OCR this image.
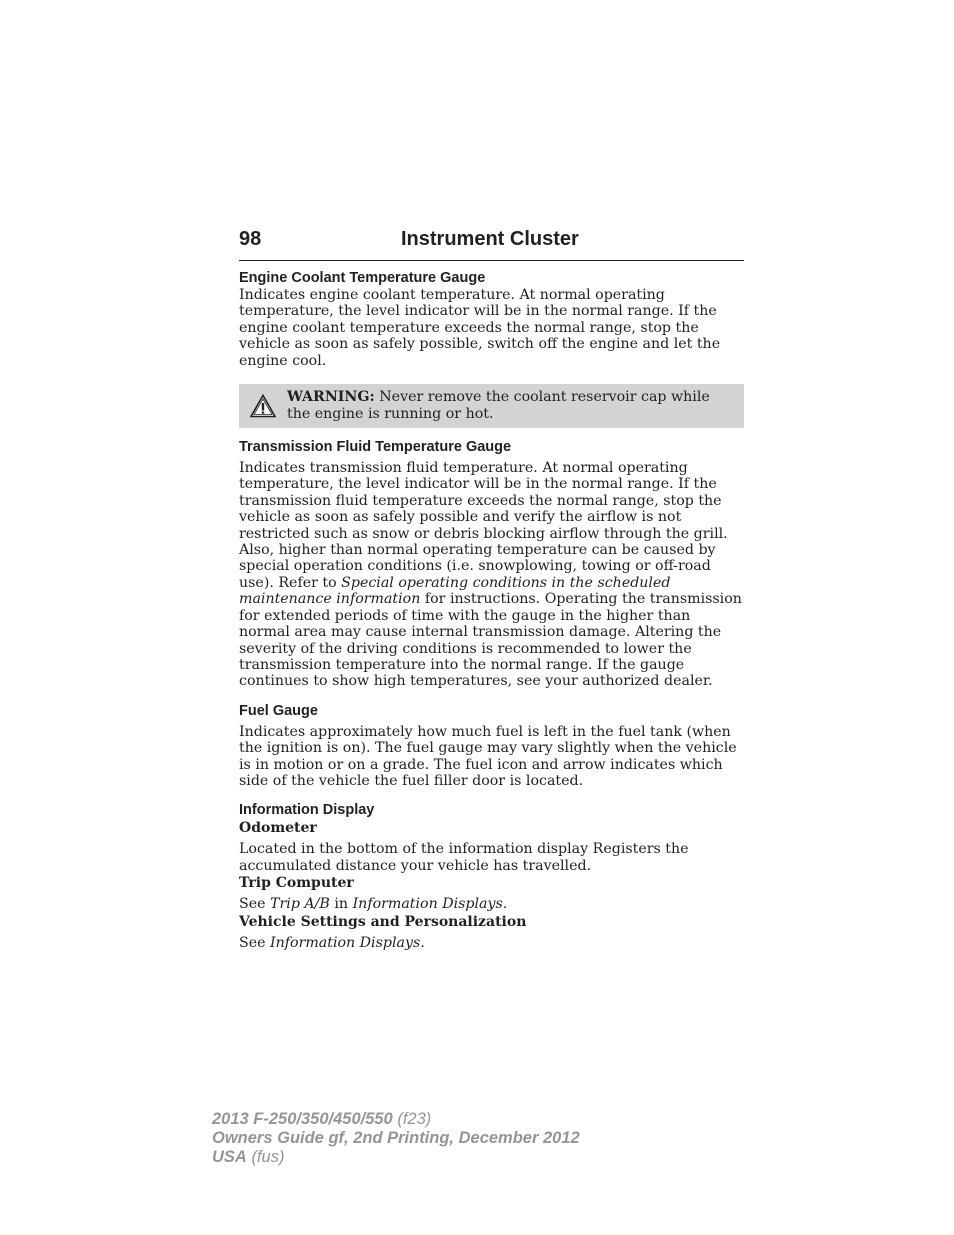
98	Instrument Cluster
Engine Coolant Temperature Gauge

Indicates engine coolant temperature. At normal operating temperature, the level indicator will be in the normal range. If the engine coolant temperature exceeds the normal range, stop the vehicle as soon as safely possible, switch off the engine and let the engine cool.

WARNING: Never remove the coolant reservoir cap while the engine is running or hot.
Transmission Fluid Temperature Gauge

Indicates transmission fluid temperature. At normal operating temperature, the level indicator will be in the normal range. If the transmission fluid temperature exceeds the normal range, stop the vehicle as soon as safely possible and verify the airflow is not restricted such as snow or debris blocking airflow through the grill. Also, higher than normal operating temperature can be caused by special operation conditions (i.e. snowplowing, towing or off-road use). Refer to Special operating conditions in the scheduled maintenance information for instructions. Operating the transmission for extended periods of time with the gauge in the higher than normal area may cause internal transmission damage. Altering the severity of the driving conditions is recommended to lower the transmission temperature into the normal range. If the gauge continues to show high temperatures, see your authorized dealer.

Fuel Gauge

Indicates approximately how much fuel is left in the fuel tank (when the ignition is on). The fuel gauge may vary slightly when the vehicle is in motion or on a grade. The fuel icon and arrow indicates which side of the vehicle the fuel filler door is located.

Information Display

Odometer

Located in the bottom of the information display Registers the accumulated distance your vehicle has travelled.

Trip Computer

See Trip A/B in Information Displays.

Vehicle Settings and Personalization

See Information Displays.

2013 F-250/350/450/550 (f23)
Owners Guide gf, 2nd Printing, December 2012
USA (fus)
